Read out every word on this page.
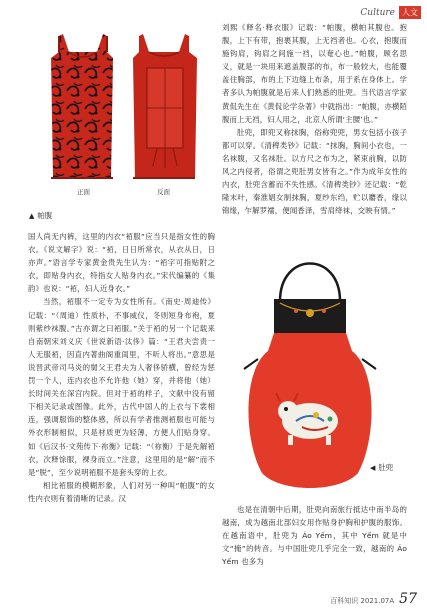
Culture 人文
正面	反面
▲ 帕腹

国人尚无内裤，这里的内衣“袹服”应当只是指女性的胸衣。《说文解字》说：“袹，日日所常衣，从衣从日，日亦声。”语言学专家黄金贵先生认为：“袹字可指贴附之衣，即贴身内衣，特指女人贴身内衣。”宋代编纂的《集韵》也说：“袹，妇人近身衣。”

当然，袹服不一定专为女性所有。《南史·周迪传》记载：“（周迪）性质朴，不事威仪，冬则短身布袍，夏则紫纱袜腹。”古亦谓之曰袹服。”关于袹的另一个记载来自南朝宋刘义庆《世说新语·汰侈》篇：“王君夫尝责一人无服袹，因直内著曲阁重闺里，不听人将出。”意思是说晋武帝司马炎的舅父王君夫为人奢侈骄横，曾经为惩罚一个人，连内衣也不允许他（她）穿，并将他（她）长时间关在深宫内院。但对于袹的样子，文献中没有留下相关记录或图像。此外，古代中国人的上衣与下裳相连，强调服饰的整体感，所以有学者推测袹服也可能与外衣形制相似，只是材质更为轻薄，方便人们贴身穿。如《后汉书·文苑传下·祢衡》记载：“（祢衡）于是先解袹衣，次释馀服，裸身而立。”注意，这里用的是“解”而不是“脱”，至少说明袹服不是套头穿的上衣。

相比袹服的模糊形象，人们对另一种叫“帕腹”的女性内衣则有着清晰的记录。汉

刘熙《释名·释衣服》记载：“帕腹，横帕其腹也。抱腹，上下有带，抱裹其腹，上无裆者也。心衣，抱腹而施钩肩，钩肩之间施一裆，以奄心也。”帕腹，顾名思义，就是一块用来遮盖腹部的布，布一般较大，也能覆盖住胸部，布的上下边缝上布条，用于系在身体上。学者多认为帕腹就是后来人们熟悉的肚兜。当代语言学家黄侃先生在《黄侃论学杂著》中就指出：“帕腹，亦横陌腹而上无裆，妇人用之，北京人所谓‘主腰’也。”

肚兜，即兜又称抹胸，俗称兜兜，男女包括小孩子都可以穿。《清稗类钞》记载：“抹胸，胸间小衣也，一名袜腹，又名袜肚。以方尺之布为之，紧束前胸，以防风之内侵者，俗谓之兜肚男女皆有之。”作为成年女性的内衣，肚兜含蓄而不失性感。《清稗类钞》还记载：“乾隆末叶，秦淮娼女制抹胸，夏纱东绉，贮以麝香，缘以锦缘，乍解罗襦，便闻香泽，雪肩绛袜，交映有情。”

◀ 肚兜

也是在清朝中后期，肚兜向南旅行抵达中南半岛的越南，成为越南北部妇女用作贴身护胸和护腹的服饰。在越南语中，肚兜为 Áo Yếm，其中 Yếm 就是中文“掩”的转音。与中国肚兜几乎完全一致，越南的 Áo Yếm 也多为

百科知识 2021.07A 57
